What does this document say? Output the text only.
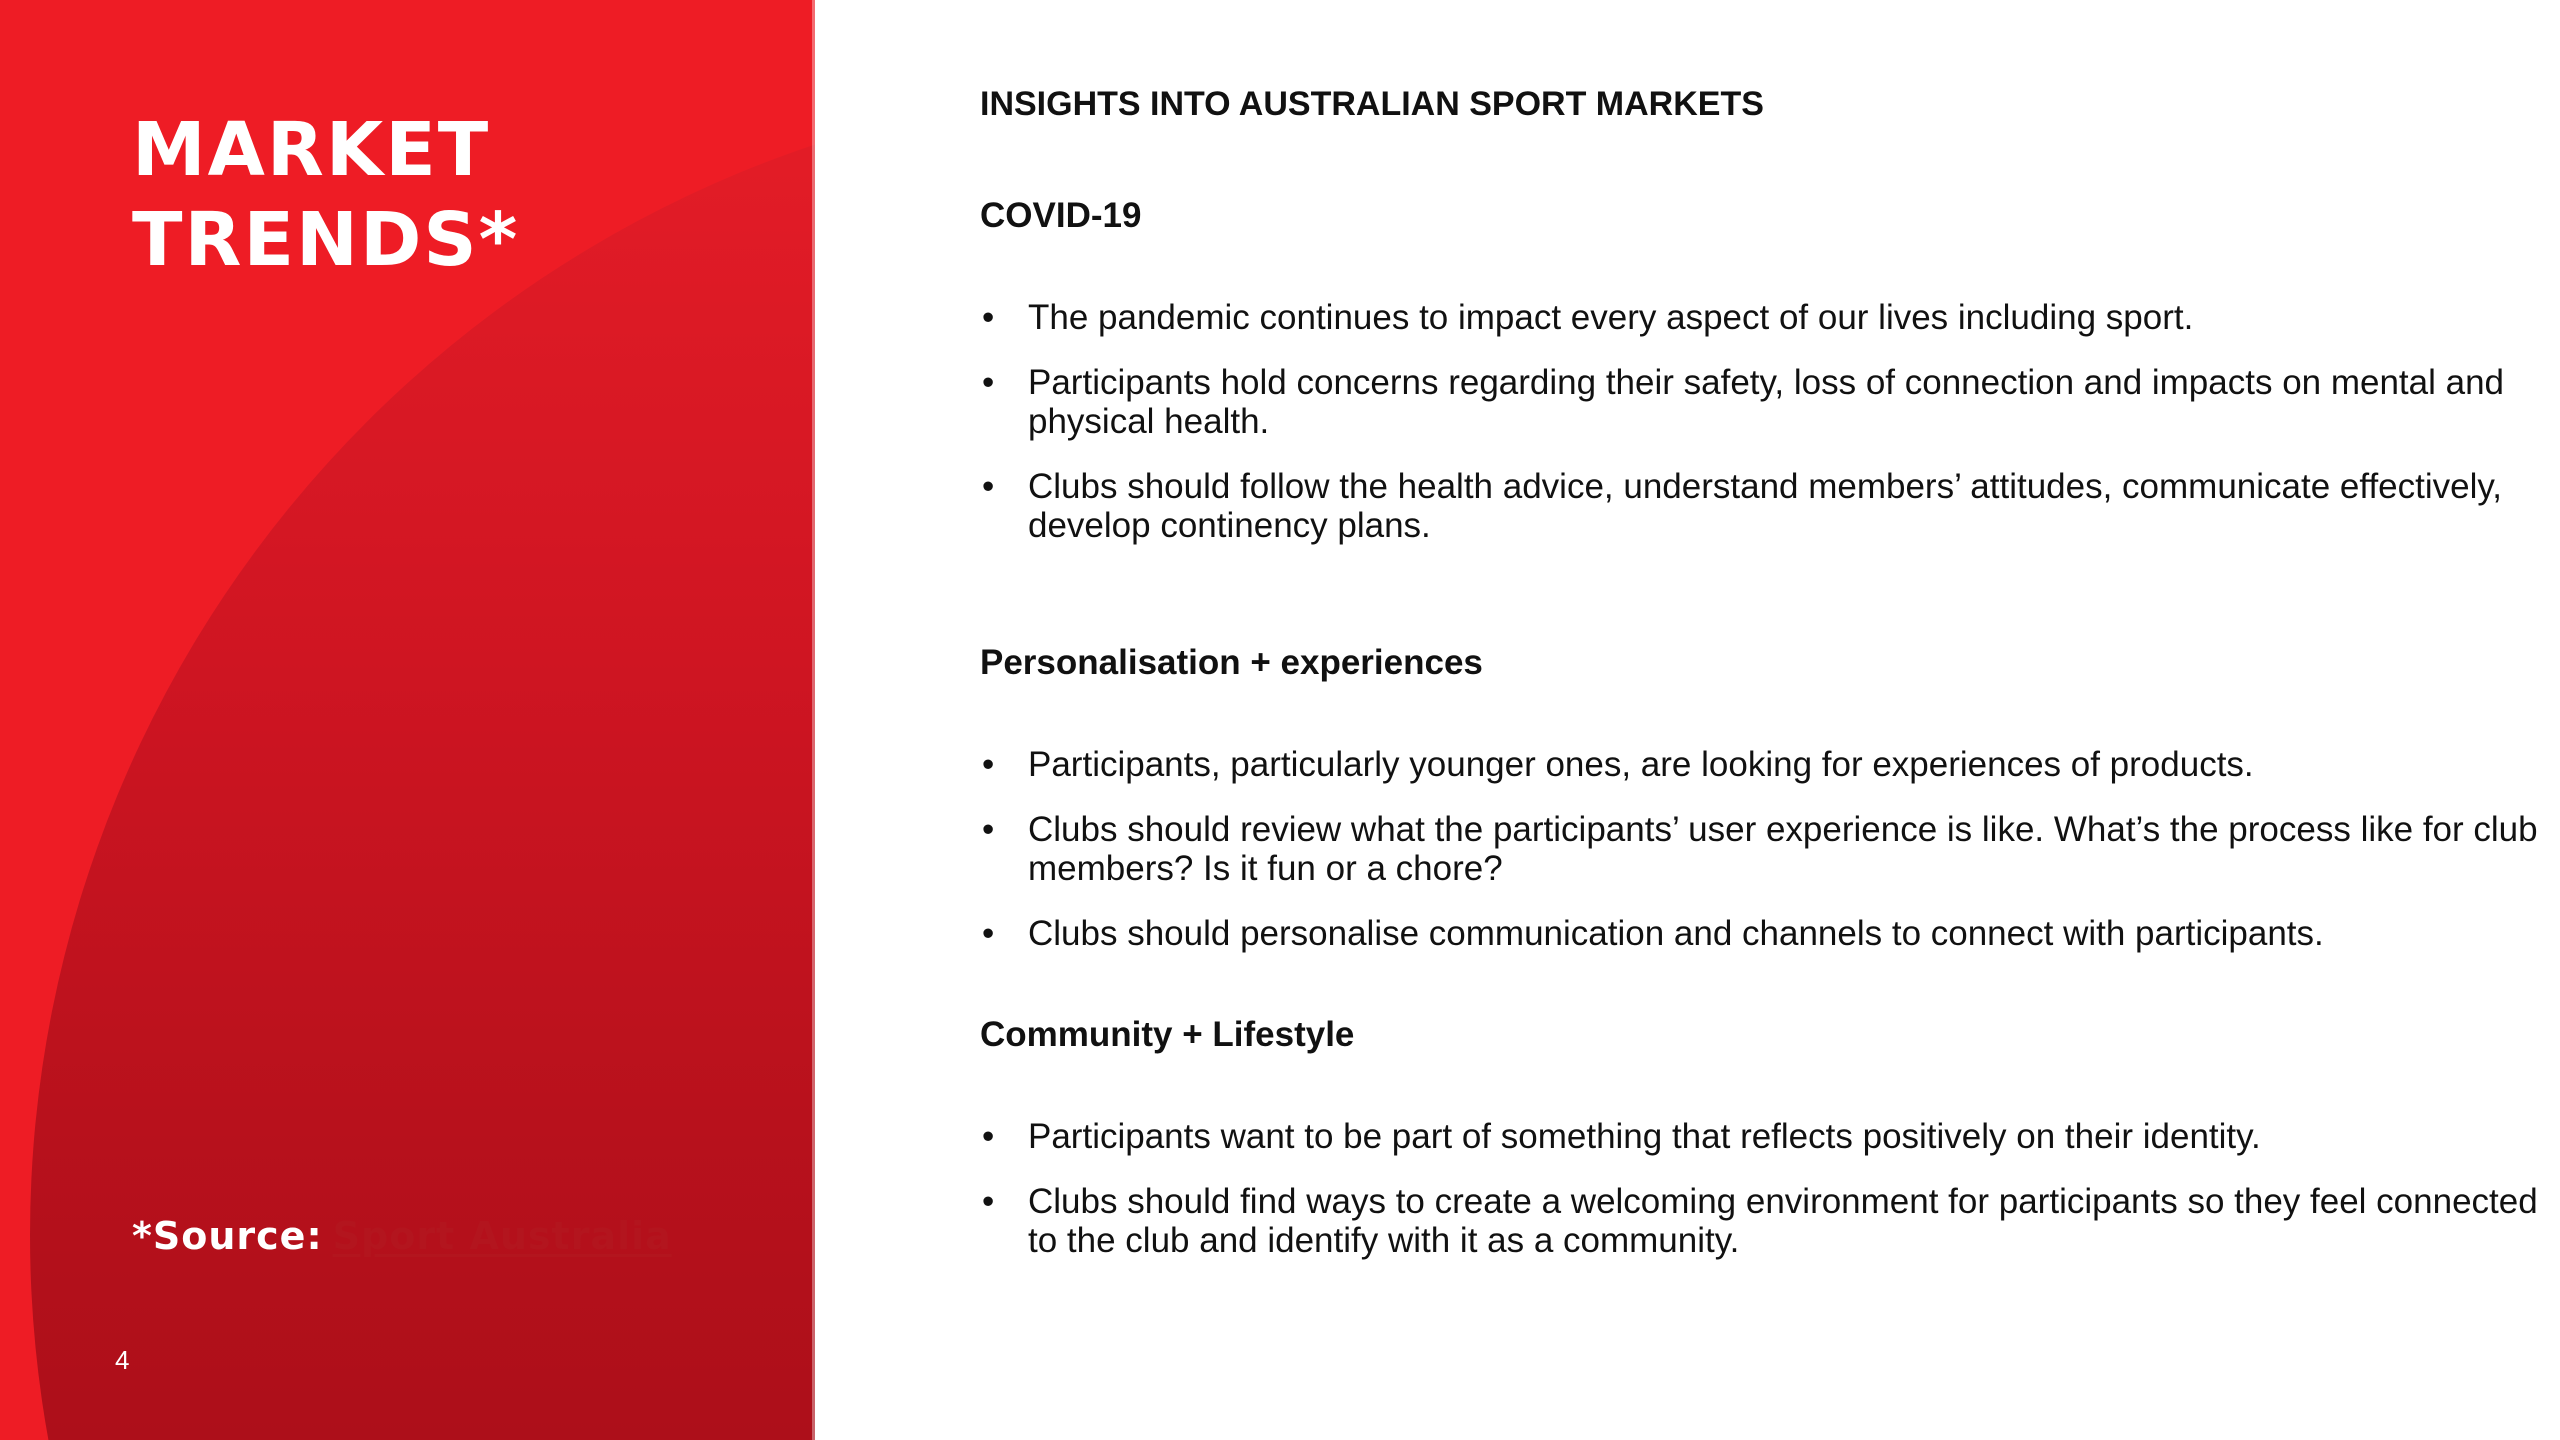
MARKET
TRENDS*
*Source: Sport Australia
4
INSIGHTS INTO AUSTRALIAN SPORT MARKETS
COVID-19
• The pandemic continues to impact every aspect of our lives including sport.
• Participants hold concerns regarding their safety, loss of connection and impacts on mental and physical health.
• Clubs should follow the health advice, understand members’ attitudes, communicate effectively, develop continency plans.
Personalisation + experiences
• Participants, particularly younger ones, are looking for experiences of products.
• Clubs should review what the participants’ user experience is like. What’s the process like for club members? Is it fun or a chore?
• Clubs should personalise communication and channels to connect with participants.
Community + Lifestyle
• Participants want to be part of something that reflects positively on their identity.
• Clubs should find ways to create a welcoming environment for participants so they feel connected to the club and identify with it as a community.
